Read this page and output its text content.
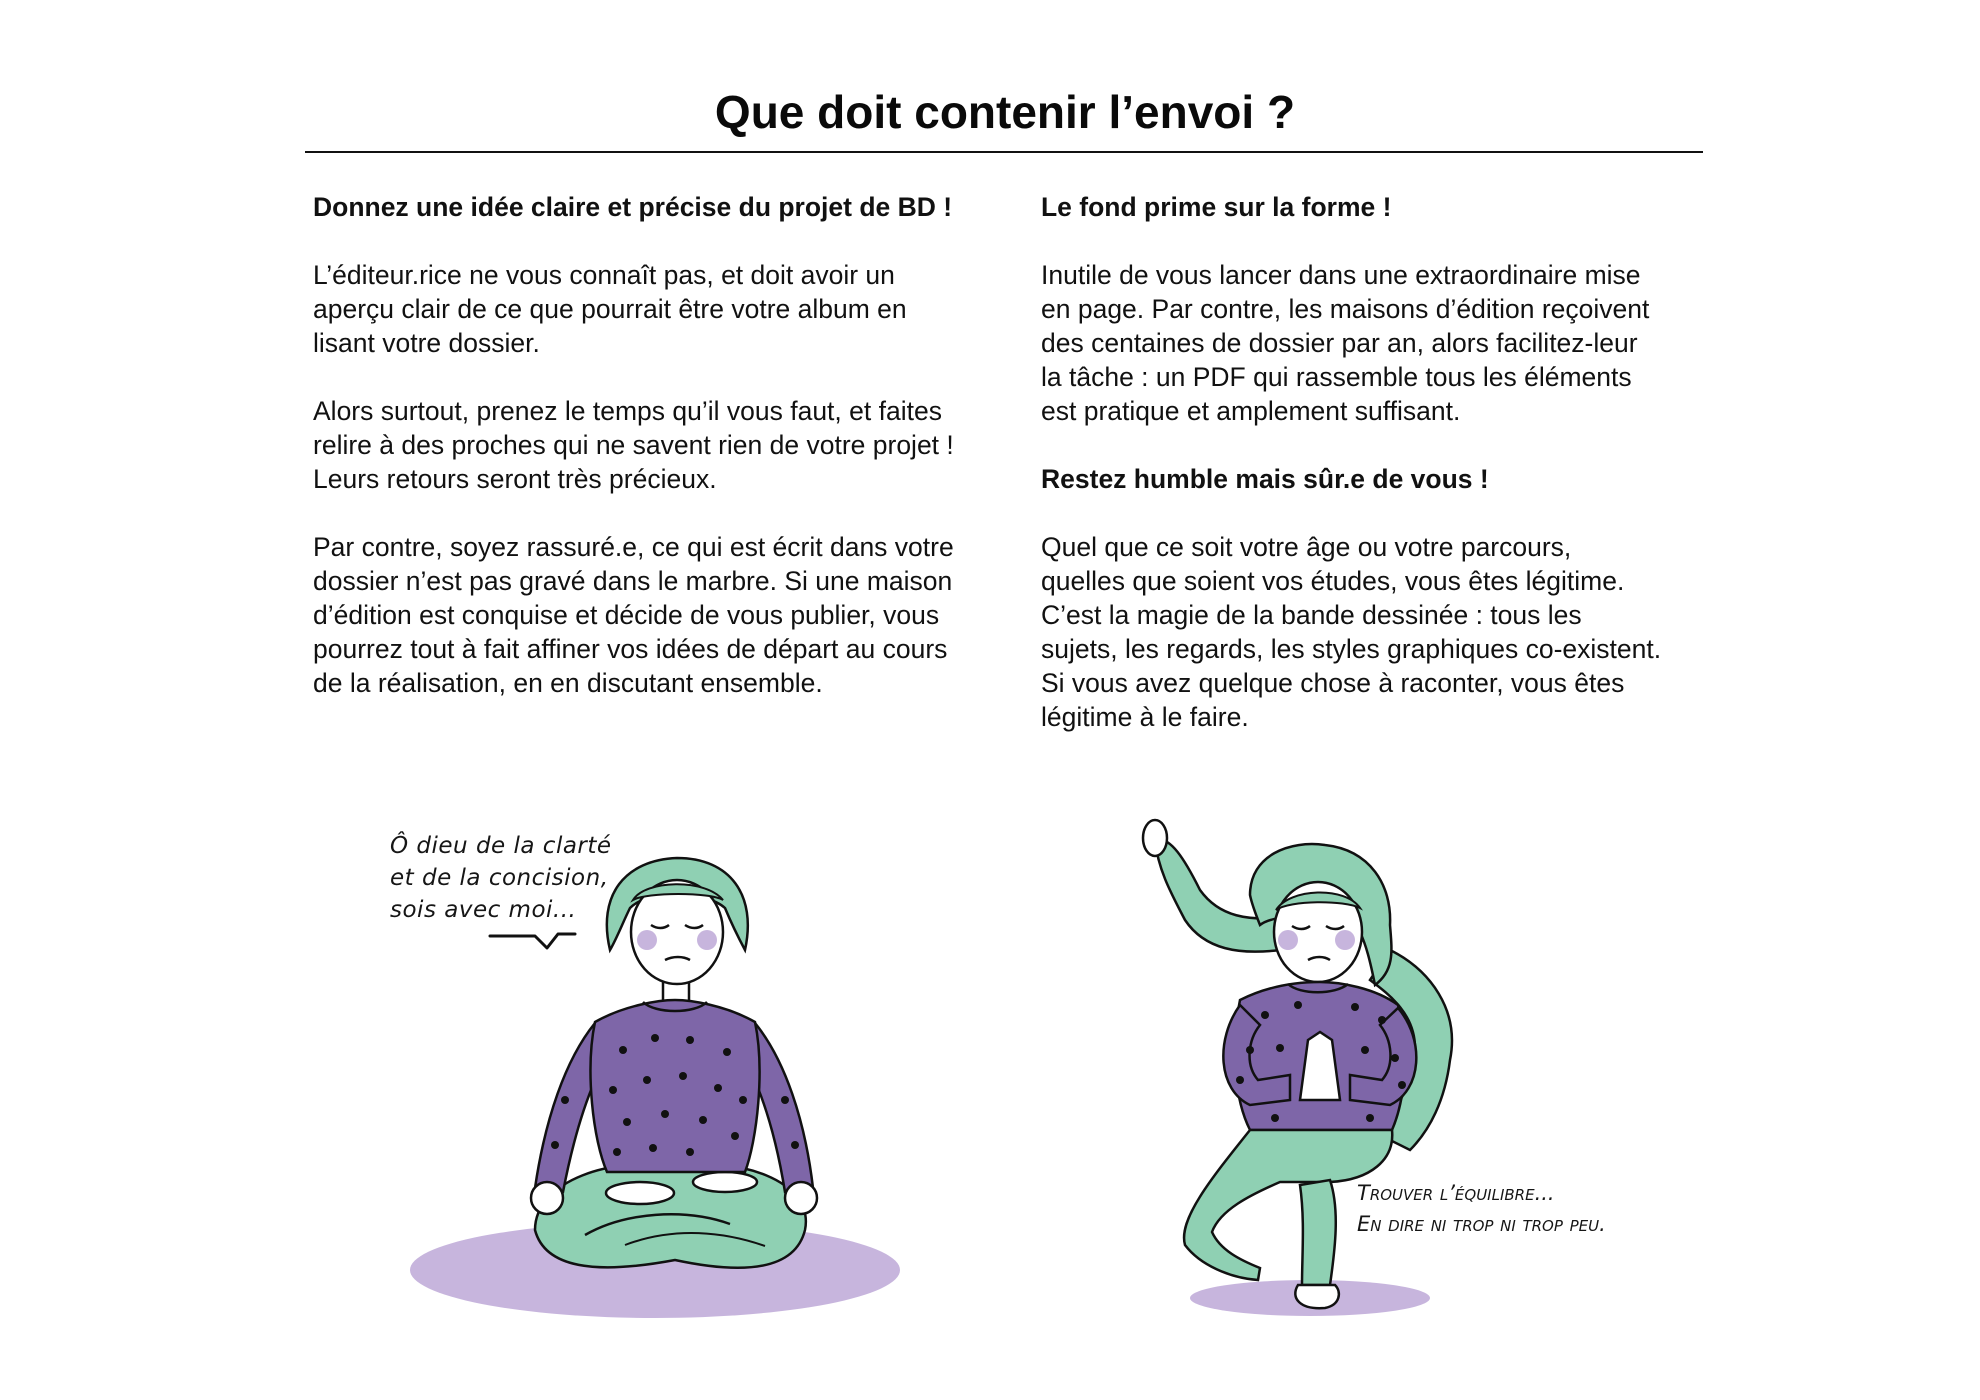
Que doit contenir l’envoi ?
Donnez une idée claire et précise du projet de BD !

L’éditeur.rice ne vous connaît pas, et doit avoir un
aperçu clair de ce que pourrait être votre album en
lisant votre dossier.

Alors surtout, prenez le temps qu’il vous faut, et faites
relire à des proches qui ne savent rien de votre projet !
Leurs retours seront très précieux.

Par contre, soyez rassuré.e, ce qui est écrit dans votre
dossier n’est pas gravé dans le marbre. Si une maison
d’édition est conquise et décide de vous publier, vous
pourrez tout à fait affiner vos idées de départ au cours
de la réalisation, en en discutant ensemble.

Le fond prime sur la forme !

Inutile de vous lancer dans une extraordinaire mise
en page. Par contre, les maisons d’édition reçoivent
des centaines de dossier par an, alors facilitez-leur
la tâche : un PDF qui rassemble tous les éléments
est pratique et amplement suffisant.

Restez humble mais sûr.e de vous !

Quel que ce soit votre âge ou votre parcours,
quelles que soient vos études, vous êtes légitime.
C’est la magie de la bande dessinée : tous les
sujets, les regards, les styles graphiques co-existent.
Si vous avez quelque chose à raconter, vous êtes
légitime à le faire.

Ô dieu de la clarté
et de la concision,
sois avec moi...
Trouver l’équilibre...
En dire ni trop ni trop peu.
